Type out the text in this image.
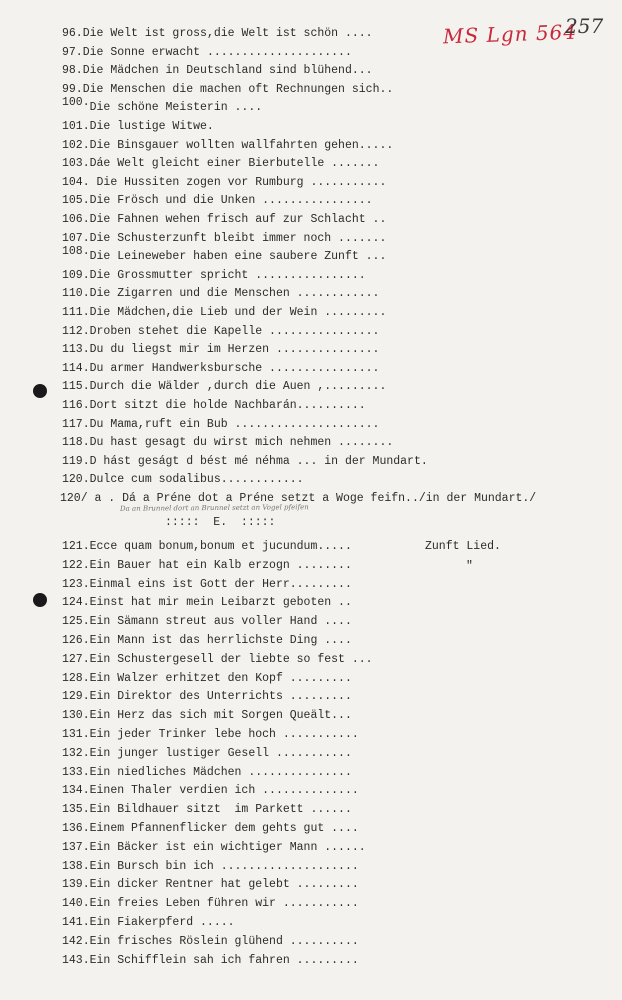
MS Lgn 564
257
96.Die Welt ist gross,die Welt ist schön ....
97.Die Sonne erwacht .....................
98.Die Mädchen in Deutschland sind blühend...
99.Die Menschen die machen oft Rechnungen sich..
100.Die schöne Meisterin ....
101.Die lustige Witwe.
102.Die Binsgauer wollten wallfahrten gehen.....
103.Dáe Welt gleicht einer Bierbutelle .......
104. Die Hussiten zogen vor Rumburg ...........
105.Die Frösch und die Unken ................
106.Die Fahnen wehen frisch auf zur Schlacht ..
107.Die Schusterzunft bleibt immer noch .......
108.Die Leineweber haben eine saubere Zunft ...
109.Die Grossmutter spricht ................
110.Die Zigarren und die Menschen ............
111.Die Mädchen,die Lieb und der Wein .........
112.Droben stehet die Kapelle ................
113.Du du liegst mir im Herzen ...............
114.Du armer Handwerksbursche ................
115.Durch die Wälder ,durch die Auen ,.........
116.Dort sitzt die holde Nachbarán..........
117.Du Mama,ruft ein Bub .....................
118.Du hast gesagt du wirst mich nehmen ........
119.D hást geságt d bést mé néhma ... in der Mundart.
120.Dulce cum sodalibus............
120/ a . Dá a Préne dot a Préne setzt a Woge feifn../in der Mundart./
Da an Brunnel dort an Brunnel setzt an Vogel pfeifen
:::::  E.  :::::
121.Ecce quam bonum,bonum et jucundum.....
122.Ein Bauer hat ein Kalb erzogn ........
123.Einmal eins ist Gott der Herr.........
124.Einst hat mir mein Leibarzt geboten ..
125.Ein Sämann streut aus voller Hand ....
126.Ein Mann ist das herrlichste Ding ....
127.Ein Schustergesell der liebte so fest ...
128.Ein Walzer erhitzet den Kopf .........
129.Ein Direktor des Unterrichts .........
130.Ein Herz das sich mit Sorgen Queält...
131.Ein jeder Trinker lebe hoch ...........
132.Ein junger lustiger Gesell ...........
133.Ein niedliches Mädchen ...............
134.Einen Thaler verdien ich ..............
135.Ein Bildhauer sitzt  im Parkett ......
136.Einem Pfannenflicker dem gehts gut ....
137.Ein Bäcker ist ein wichtiger Mann ......
138.Ein Bursch bin ich ....................
139.Ein dicker Rentner hat gelebt .........
140.Ein freies Leben führen wir ...........
141.Ein Fiakerpferd .....
142.Ein frisches Röslein glühend ..........
143.Ein Schifflein sah ich fahren .........
Zunft Lied.
"
